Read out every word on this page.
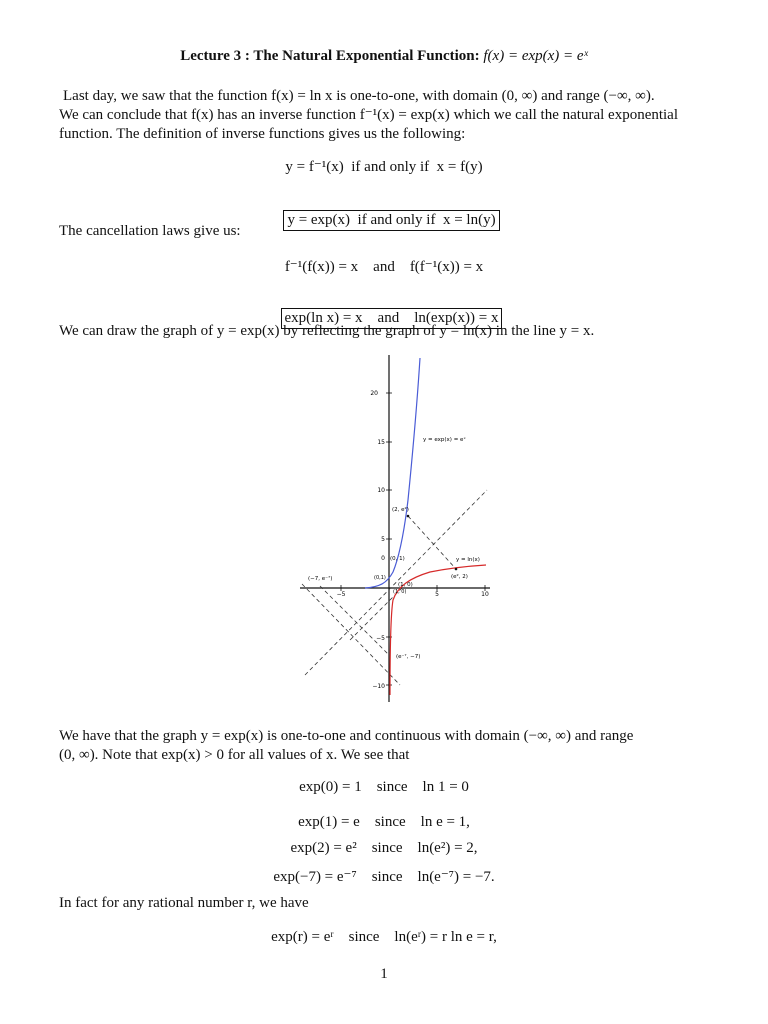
Lecture 3 : The Natural Exponential Function: f(x) = exp(x) = eˣ
Last day, we saw that the function f(x) = ln x is one-to-one, with domain (0, ∞) and range (−∞, ∞).
We can conclude that f(x) has an inverse function f⁻¹(x) = exp(x) which we call the natural exponential
function. The definition of inverse functions gives us the following:
y = f⁻¹(x)  if and only if  x = f(y)

y = exp(x)  if and only if  x = ln(y)

The cancellation laws give us:
f⁻¹(f(x)) = x    and    f(f⁻¹(x)) = x

exp(ln x) = x    and    ln(exp(x)) = x

We can draw the graph of y = exp(x) by reflecting the graph of y = ln(x) in the line y = x.
20
15
10
5
0
−5
−10
−5	5	10
y = exp(x) = eˣ
y = ln(x)
(2, e²)
(e², 2)
(−7, e⁻⁷)
(e⁻⁷, −7)
(0, 1)
(1, 0)
(0,1)
(1, 0)
We have that the graph y = exp(x) is one-to-one and continuous with domain (−∞, ∞) and range
(0, ∞). Note that exp(x) > 0 for all values of x. We see that
exp(0) = 1    since    ln 1 = 0
exp(1) = e    since    ln e = 1,
exp(2) = e²    since    ln(e²) = 2,
exp(−7) = e⁻⁷    since    ln(e⁻⁷) = −7.
In fact for any rational number r, we have
exp(r) = eʳ    since    ln(eʳ) = r ln e = r,
1
